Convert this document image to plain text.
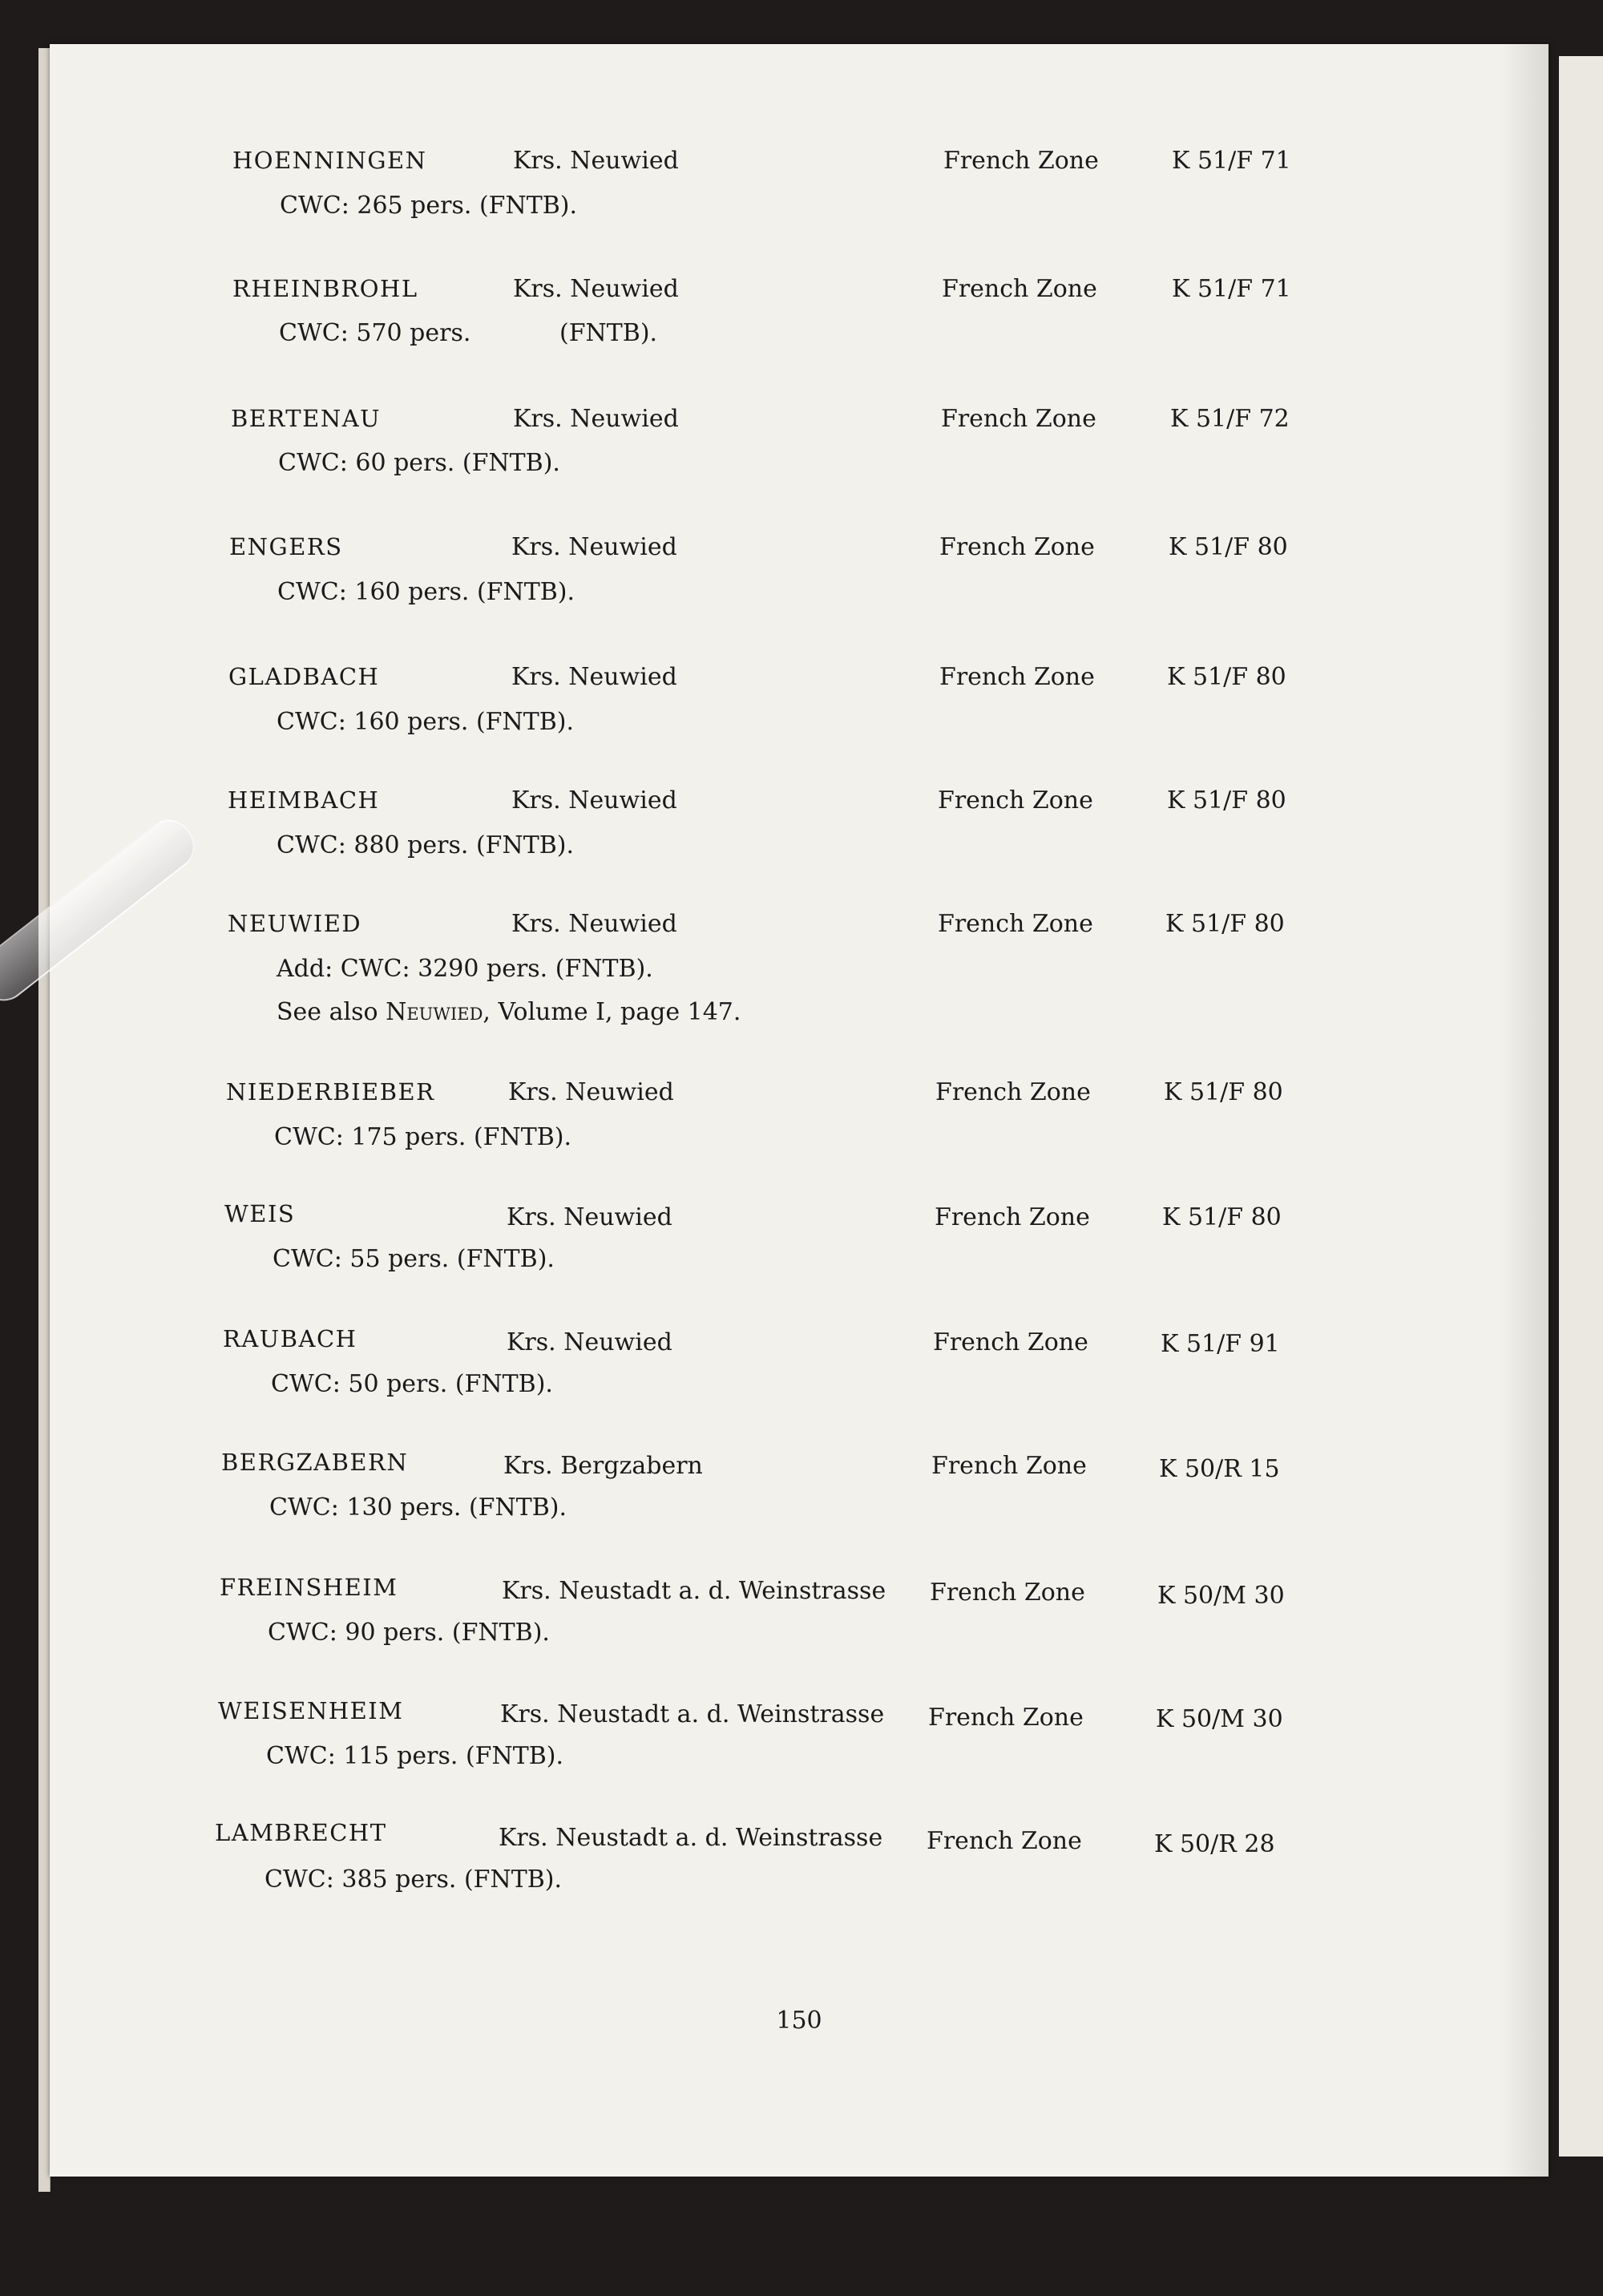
HOENNINGEN	Krs. Neuwied	French Zone	K 51/F 71
CWC: 265 pers. (FNTB).
RHEINBROHL	Krs. Neuwied	French Zone	K 51/F 71
CWC: 570 pers.	(FNTB).
BERTENAU	Krs. Neuwied	French Zone	K 51/F 72
CWC: 60 pers. (FNTB).
ENGERS	Krs. Neuwied	French Zone	K 51/F 80
CWC: 160 pers. (FNTB).
GLADBACH	Krs. Neuwied	French Zone	K 51/F 80
CWC: 160 pers. (FNTB).
HEIMBACH	Krs. Neuwied	French Zone	K 51/F 80
CWC: 880 pers. (FNTB).
NEUWIED	Krs. Neuwied	French Zone	K 51/F 80
Add: CWC: 3290 pers. (FNTB).
See also Neuwied, Volume I, page 147.
NIEDERBIEBER	Krs. Neuwied	French Zone	K 51/F 80
CWC: 175 pers. (FNTB).
WEIS	Krs. Neuwied	French Zone	K 51/F 80
CWC: 55 pers. (FNTB).
RAUBACH	Krs. Neuwied	French Zone	K 51/F 91
CWC: 50 pers. (FNTB).
BERGZABERN	Krs. Bergzabern	French Zone	K 50/R 15
CWC: 130 pers. (FNTB).
FREINSHEIM	Krs. Neustadt a. d. Weinstrasse French Zone	K 50/M 30
CWC: 90 pers. (FNTB).
WEISENHEIM	Krs. Neustadt a. d. Weinstrasse French Zone	K 50/M 30
CWC: 115 pers. (FNTB).
LAMBRECHT	Krs. Neustadt a. d. Weinstrasse French Zone	K 50/R 28
CWC: 385 pers. (FNTB).
150
